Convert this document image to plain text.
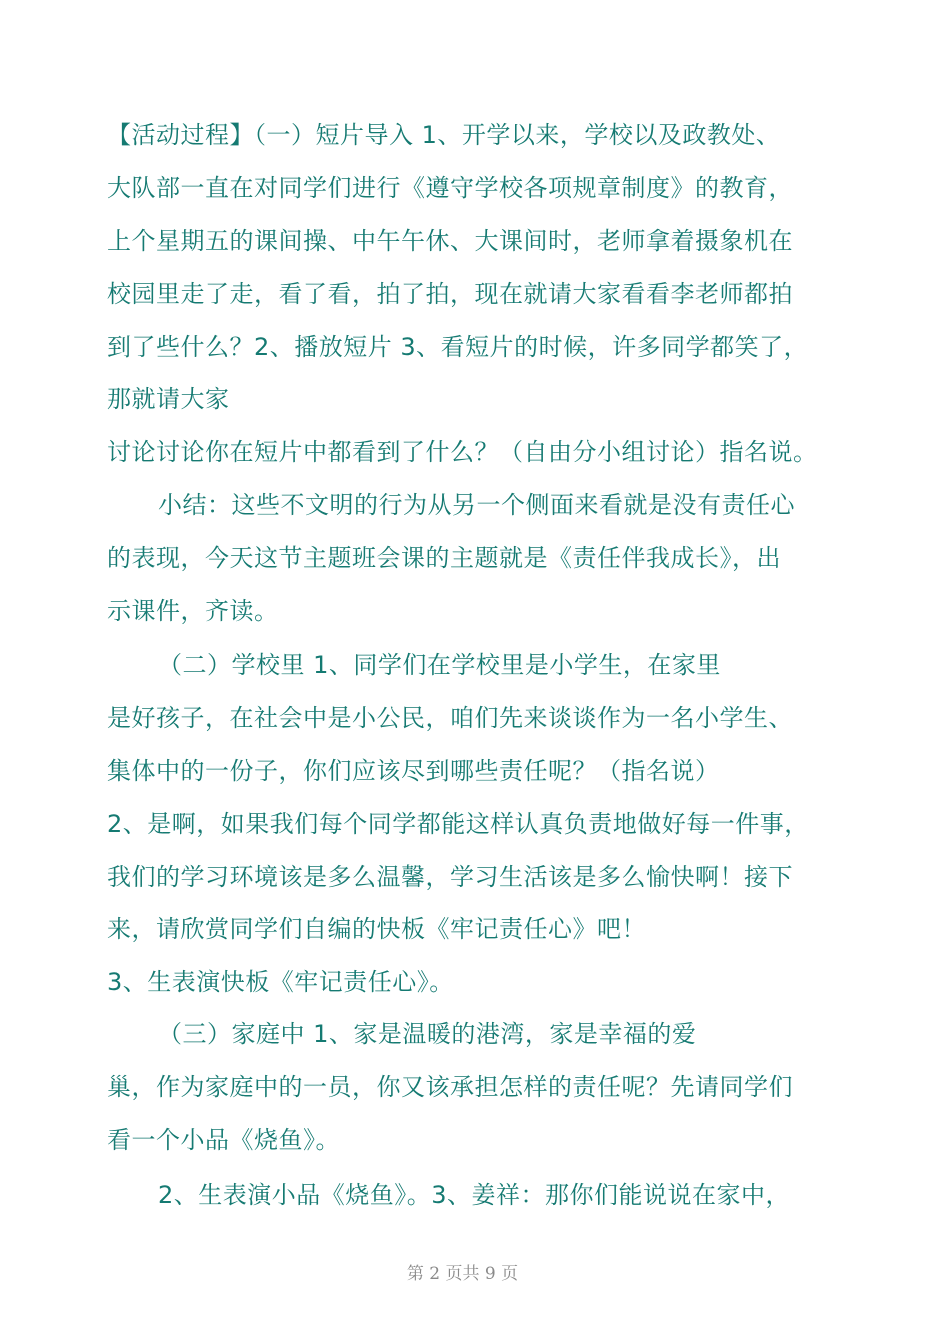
【活动过程】（一）短片导入 1、开学以来，学校以及政教处、
大队部一直在对同学们进行《遵守学校各项规章制度》的教育，
上个星期五的课间操、中午午休、大课间时，老师拿着摄象机在
校园里走了走，看了看，拍了拍，现在就请大家看看李老师都拍
到了些什么？2、播放短片 3、看短片的时候，许多同学都笑了，
那就请大家
讨论讨论你在短片中都看到了什么？（自由分小组讨论）指名说。
小结：这些不文明的行为从另一个侧面来看就是没有责任心
的表现，今天这节主题班会课的主题就是《责任伴我成长》，出
示课件，齐读。
（二）学校里 1、同学们在学校里是小学生，在家里
是好孩子，在社会中是小公民，咱们先来谈谈作为一名小学生、
集体中的一份子，你们应该尽到哪些责任呢？（指名说）
2、是啊，如果我们每个同学都能这样认真负责地做好每一件事，
我们的学习环境该是多么温馨，学习生活该是多么愉快啊！接下
来，请欣赏同学们自编的快板《牢记责任心》吧！
3、生表演快板《牢记责任心》。
（三）家庭中 1、家是温暖的港湾，家是幸福的爱
巢，作为家庭中的一员，你又该承担怎样的责任呢？先请同学们
看一个小品《烧鱼》。
2、生表演小品《烧鱼》。3、姜祥：那你们能说说在家中，
第 2 页共 9 页
